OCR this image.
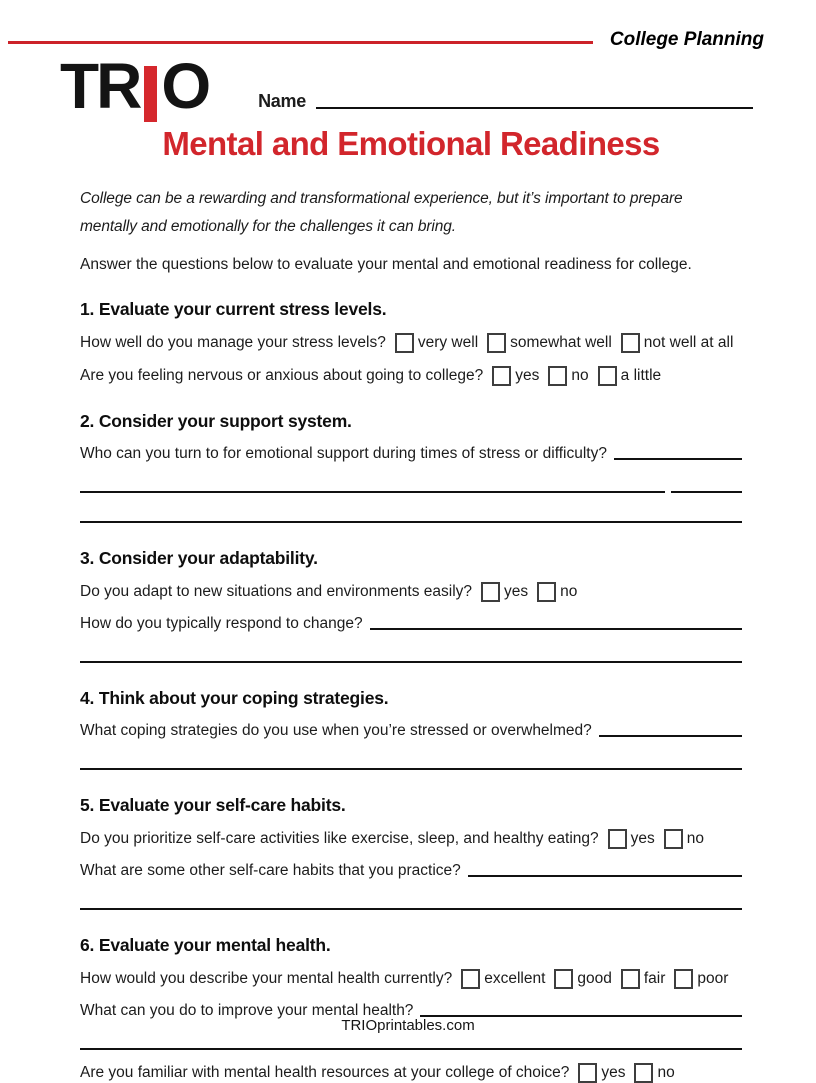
College Planning
TR O	Name
Mental and Emotional Readiness
College can be a rewarding and transformational experience, but it’s important to prepare mentally and emotionally for the challenges it can bring.
Answer the questions below to evaluate your mental and emotional readiness for college.
1. Evaluate your current stress levels.
How well do you manage your stress levels? very well somewhat well not well at all
Are you feeling nervous or anxious about going to college? yes no a little
2. Consider your support system.
Who can you turn to for emotional support during times of stress or difficulty?
3. Consider your adaptability.
Do you adapt to new situations and environments easily? yes no
How do you typically respond to change?
4. Think about your coping strategies.
What coping strategies do you use when you’re stressed or overwhelmed?
5. Evaluate your self-care habits.
Do you prioritize self-care activities like exercise, sleep, and healthy eating? yes no
What are some other self-care habits that you practice?
6. Evaluate your mental health.
How would you describe your mental health currently? excellent good fair poor
What can you do to improve your mental health?
Are you familiar with mental health resources at your college of choice? yes no
TRIOprintables.com
